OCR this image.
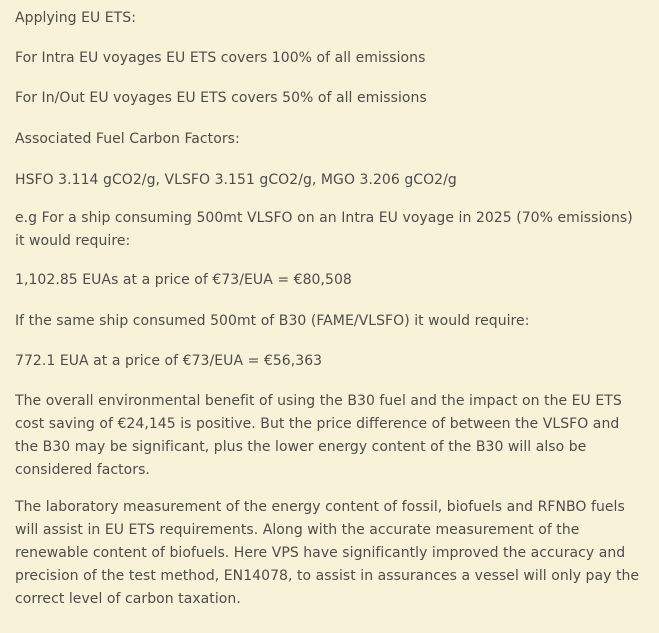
Applying EU ETS:

For Intra EU voyages EU ETS covers 100% of all emissions

For In/Out EU voyages EU ETS covers 50% of all emissions

Associated Fuel Carbon Factors:

HSFO 3.114 gCO2/g, VLSFO 3.151 gCO2/g, MGO 3.206 gCO2/g

e.g For a ship consuming 500mt VLSFO on an Intra EU voyage in 2025 (70% emissions) it would require:

1,102.85 EUAs at a price of €73/EUA = €80,508

If the same ship consumed 500mt of B30 (FAME/VLSFO) it would require:

772.1 EUA at a price of €73/EUA = €56,363

The overall environmental benefit of using the B30 fuel and the impact on the EU ETS cost saving of €24,145 is positive. But the price difference of between the VLSFO and the B30 may be significant, plus the lower energy content of the B30 will also be considered factors.

The laboratory measurement of the energy content of fossil, biofuels and RFNBO fuels will assist in EU ETS requirements. Along with the accurate measurement of the renewable content of biofuels. Here VPS have significantly improved the accuracy and precision of the test method, EN14078, to assist in assurances a vessel will only pay the correct level of carbon taxation.
